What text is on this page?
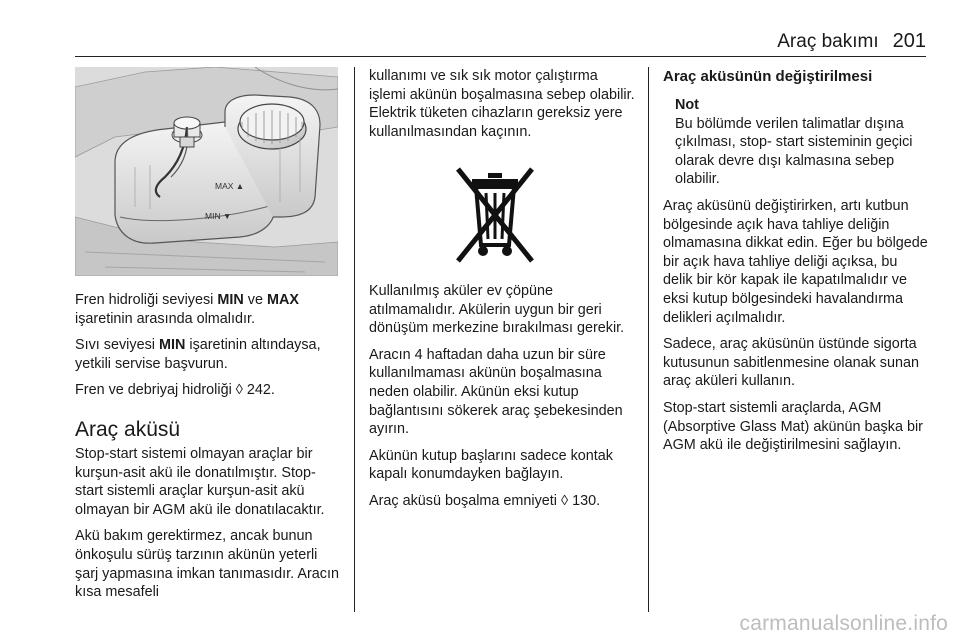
Araç bakımı 201
MAX ▲
MIN ▼

Fren hidroliği seviyesi MIN ve MAX
işaretinin arasında olmalıdır.

Sıvı seviyesi MIN işaretinin altındaysa, yetkili servise başvurun.

Fren ve debriyaj hidroliği ◊ 242.

Araç aküsü

Stop-start sistemi olmayan araçlar bir kurşun-asit akü ile donatılmıştır. Stop-start sistemli araçlar kurşun-asit akü olmayan bir AGM akü ile donatılacaktır.

Akü bakım gerektirmez, ancak bunun önkoşulu sürüş tarzının akünün yeterli şarj yapmasına imkan tanımasıdır. Aracın kısa mesafeli

kullanımı ve sık sık motor çalıştırma işlemi akünün boşalmasına sebep olabilir. Elektrik tüketen cihazların gereksiz yere kullanılmasından kaçının.

Kullanılmış aküler ev çöpüne atılmamalıdır. Akülerin uygun bir geri dönüşüm merkezine bırakılması gerekir.

Aracın 4 haftadan daha uzun bir süre kullanılmaması akünün boşalmasına neden olabilir. Akünün eksi kutup bağlantısını sökerek araç şebekesinden ayırın.

Akünün kutup başlarını sadece kontak kapalı konumdayken bağlayın.

Araç aküsü boşalma emniyeti ◊ 130.

Araç aküsünün değiştirilmesi
Not
Bu bölümde verilen talimatlar dışına çıkılması, stop- start sisteminin geçici olarak devre dışı kalmasına sebep olabilir.

Araç aküsünü değiştirirken, artı kutbun bölgesinde açık hava tahliye deliğin olmamasına dikkat edin. Eğer bu bölgede bir açık hava tahliye deliği açıksa, bu delik bir kör kapak ile kapatılmalıdır ve eksi kutup bölgesindeki havalandırma delikleri açılmalıdır.

Sadece, araç aküsünün üstünde sigorta kutusunun sabitlenmesine olanak sunan araç aküleri kullanın.

Stop-start sistemli araçlarda, AGM (Absorptive Glass Mat) akünün başka bir AGM akü ile değiştirilmesini sağlayın.

carmanualsonline.info
